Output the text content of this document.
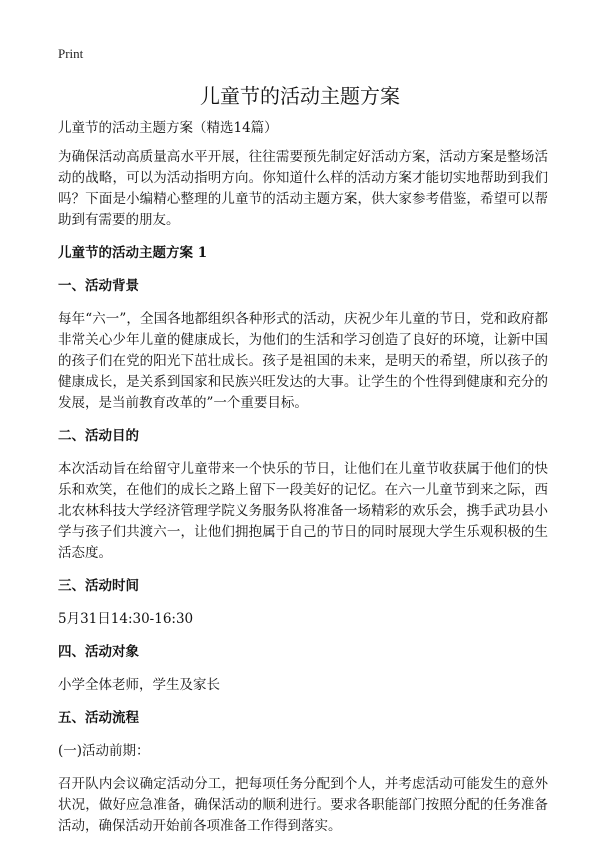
Print
儿童节的活动主题方案

儿童节的活动主题方案（精选14篇）

为确保活动高质量高水平开展，往往需要预先制定好活动方案，活动方案是整场活动的战略，可以为活动指明方向。你知道什么样的活动方案才能切实地帮助到我们吗？下面是小编精心整理的儿童节的活动主题方案，供大家参考借鉴，希望可以帮助到有需要的朋友。

儿童节的活动主题方案 1

一、活动背景

每年“六一”，全国各地都组织各种形式的活动，庆祝少年儿童的节日，党和政府都非常关心少年儿童的健康成长，为他们的生活和学习创造了良好的环境，让新中国的孩子们在党的阳光下茁壮成长。孩子是祖国的未来，是明天的希望，所以孩子的健康成长，是关系到国家和民族兴旺发达的大事。让学生的个性得到健康和充分的发展，是当前教育改革的”一个重要目标。

二、活动目的

本次活动旨在给留守儿童带来一个快乐的节日，让他们在儿童节收获属于他们的快乐和欢笑，在他们的成长之路上留下一段美好的记忆。在六一儿童节到来之际，西北农林科技大学经济管理学院义务服务队将准备一场精彩的欢乐会，携手武功县小学与孩子们共渡六一，让他们拥抱属于自己的节日的同时展现大学生乐观积极的生活态度。

三、活动时间

5月31日14:30-16:30

四、活动对象

小学全体老师，学生及家长

五、活动流程

(一)活动前期：

召开队内会议确定活动分工，把每项任务分配到个人，并考虑活动可能发生的意外状况，做好应急准备，确保活动的顺利进行。要求各职能部门按照分配的任务准备活动，确保活动开始前各项准备工作得到落实。
